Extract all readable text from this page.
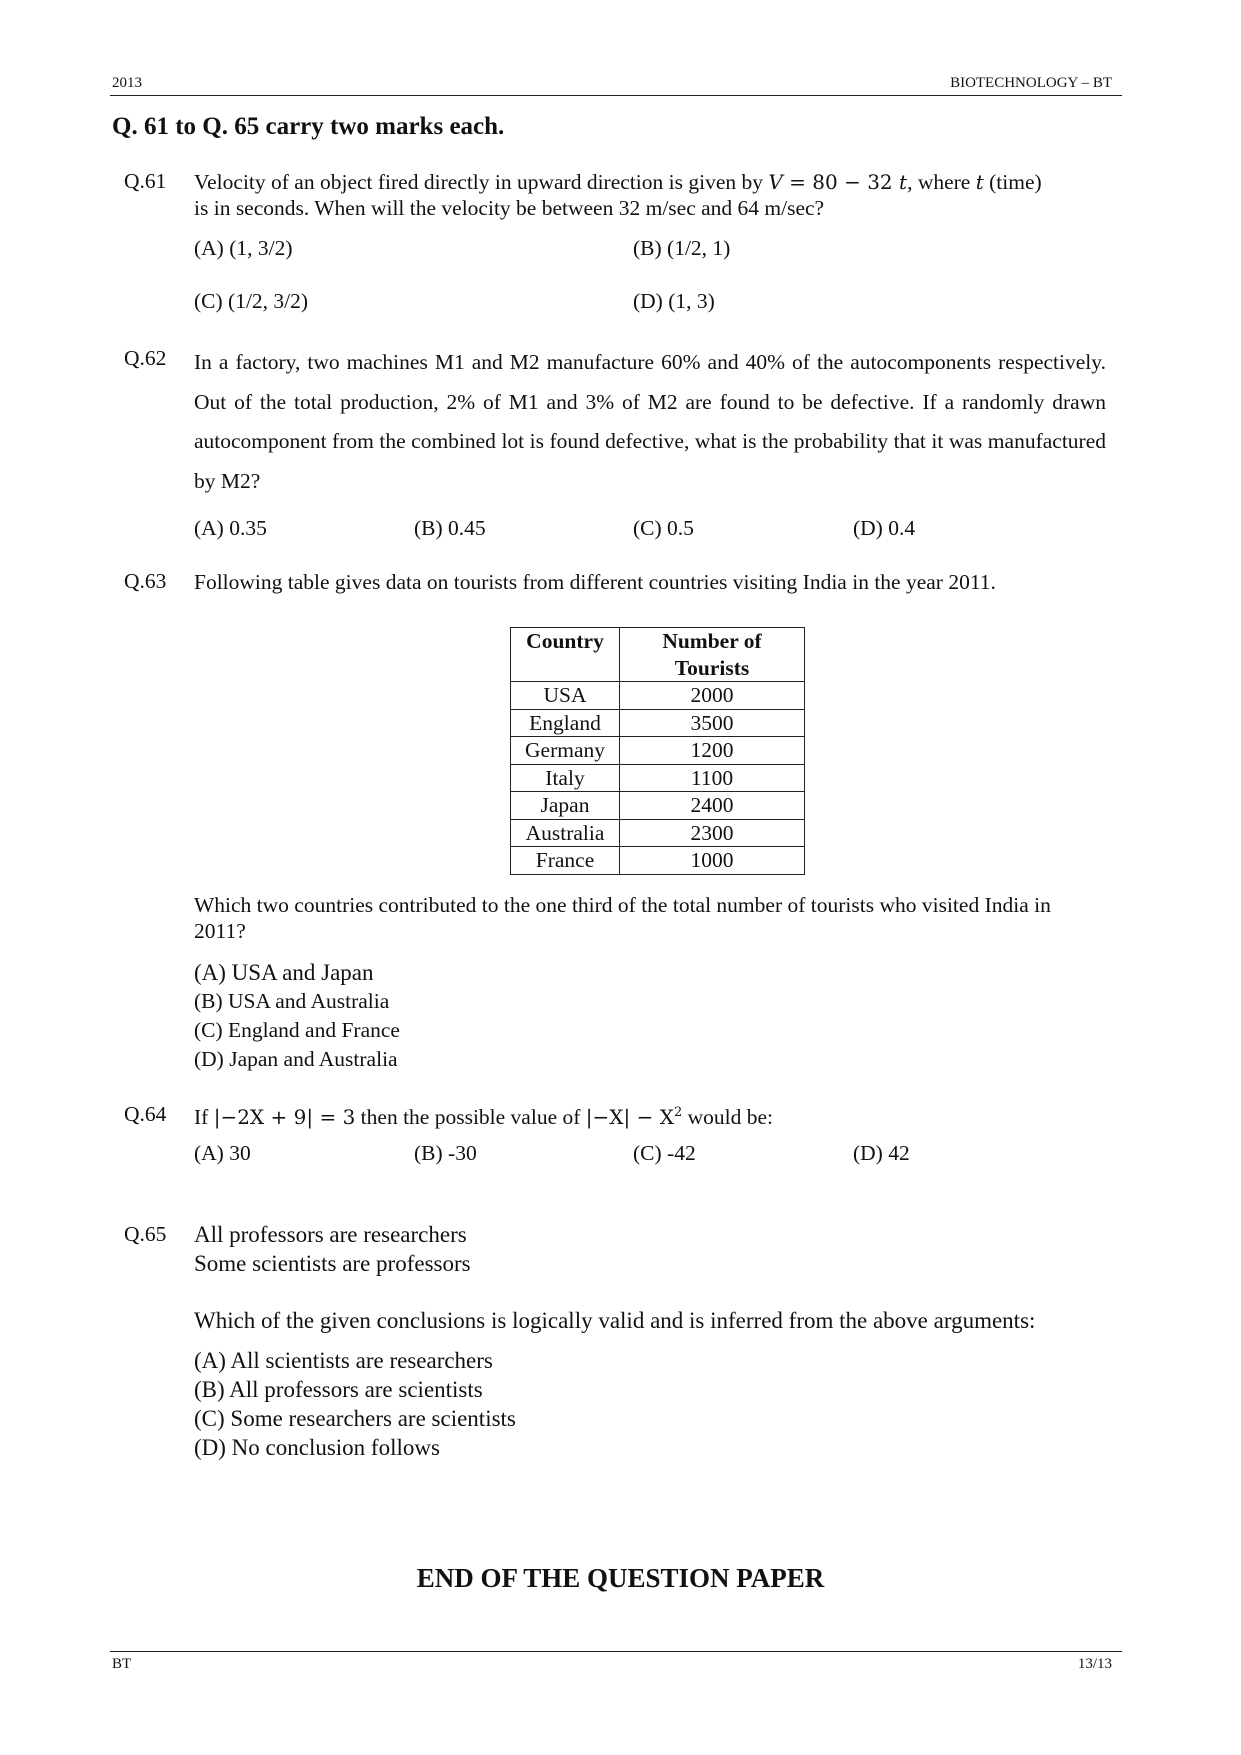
2013	BIOTECHNOLOGY – BT
Q. 61 to Q. 65 carry two marks each.
Q.61 Velocity of an object fired directly in upward direction is given by V = 80 − 32 t, where t (time)
is in seconds. When will the velocity be between 32 m/sec and 64 m/sec?
(A) (1, 3/2)	(B) (1/2, 1)
(C) (1/2, 3/2)	(D) (1, 3)
Q.62 In a factory, two machines M1 and M2 manufacture 60% and 40% of the autocomponents respectively. Out of the total production, 2% of M1 and 3% of M2 are found to be defective. If a randomly drawn autocomponent from the combined lot is found defective, what is the probability that it was manufactured by M2?
(A) 0.35	(B) 0.45	(C) 0.5	(D) 0.4
Q.63 Following table gives data on tourists from different countries visiting India in the year 2011.
Country	Number of
Tourists

USA	2000
England	3500
Germany	1200
Italy	1100
Japan	2400
Australia	2300
France	1000
Which two countries contributed to the one third of the total number of tourists who visited India in
2011?
(A) USA and Japan
(B) USA and Australia
(C) England and France
(D) Japan and Australia
Q.64 If |−2X + 9| = 3 then the possible value of $|-X| - X^2$ would be:
(A) 30	(B) -30	(C) -42	(D) 42
Q.65 All professors are researchers
Some scientists are professors
Which of the given conclusions is logically valid and is inferred from the above arguments:
(A) All scientists are researchers
(B) All professors are scientists
(C) Some researchers are scientists
(D) No conclusion follows
END OF THE QUESTION PAPER
BT	13/13
